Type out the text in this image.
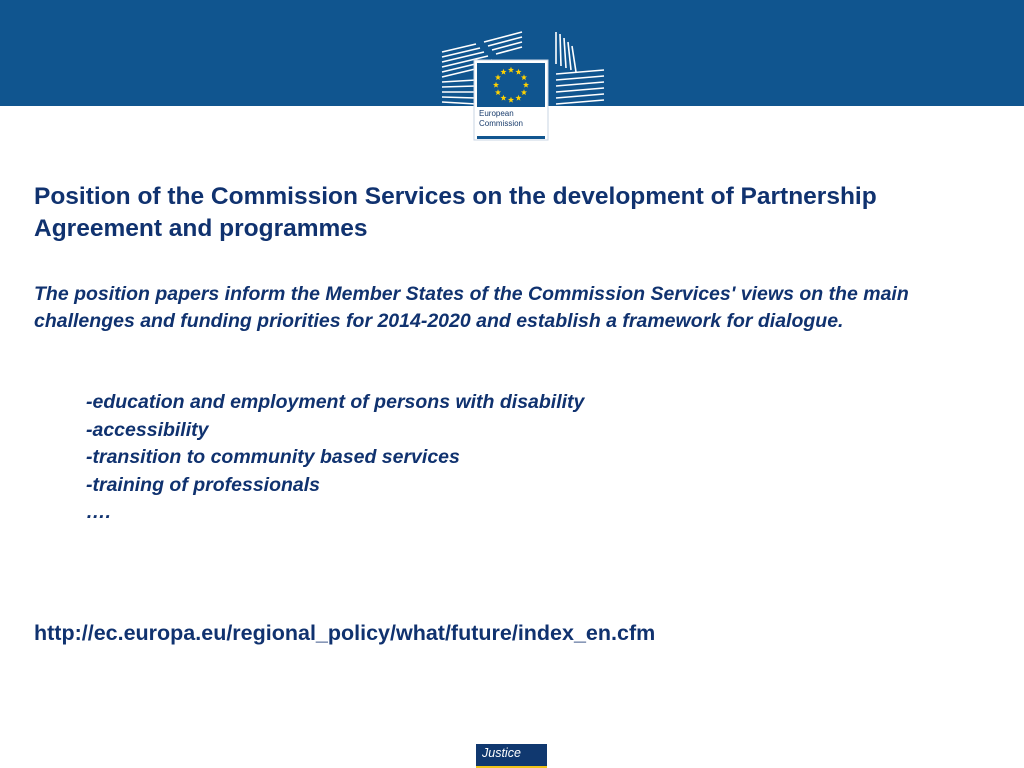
European
Commission
Position of the Commission Services on the development of Partnership Agreement and programmes

The position papers inform the Member States of the Commission Services' views on the main challenges and funding priorities for 2014-2020 and establish a framework for dialogue.

-education and employment of persons with disability
-accessibility
-transition to community based services
-training of professionals
….
http://ec.europa.eu/regional_policy/what/future/index_en.cfm
Justice
